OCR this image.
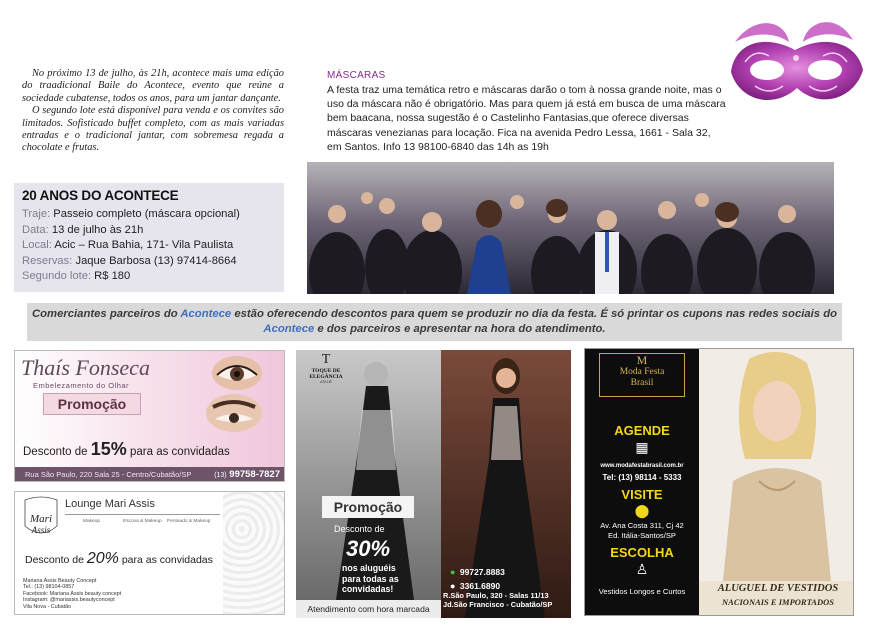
No próximo 13 de julho, às 21h, acontece mais uma edição do traadicional Baile do Acontece, evento que reúne a sociedade cubatense, todos os anos, para um jantar dançante.

O segundo lote está disponível para venda e os convites são limitados. Sofisticado buffet completo, com as mais variadas entradas e o tradicional jantar, com sobremesa regada a chocolate e frutas.

20 ANOS DO ACONTECE
Traje: Passeio completo (máscara opcional)
Data: 13 de julho às 21h
Local: Acic – Rua Bahia, 171- Vila Paulista
Reservas: Jaque Barbosa (13) 97414-8664
Segundo lote: R$ 180
MÁSCARAS
A festa traz uma temática retro e máscaras darão o tom à nossa grande noite, mas o uso da máscara não é obrigatório. Mas para quem já está em busca de uma máscara bem baacana, nossa sugestão é o Castelinho Fantasias,que oferece diversas máscaras venezianas para locação. Fica na avenida Pedro Lessa, 1661 - Sala 32, em Santos. Info 13 98100-6840 das 14h as 19h
Comerciantes parceiros do Acontece estão oferecendo descontos para quem se produzir no dia da festa. É só printar os cupons nas redes sociais do Acontece e dos parceiros e apresentar na hora do atendimento.
Thaís Fonseca
Embelezamento do Olhar
Promoção
Desconto de 15% para as convidadas
Rua São Paulo, 220 Sala 25 - Centro/Cubatão/SP	(13) 99758-7827
Mari
Assis
Lounge Mari Assis
Makeup	Escova & Makeup Penteado & Makeup
Desconto de 20% para as convidadas
Mariana Assis Beauty Concept
Tel.: (13) 98104-0857
Facebook: Mariana Assis beauty concept
Instagram: @mariassis.beautyconcept
Vila Nova - Cubatão
T
TOQUE DE
ELEGÂNCIA
ATELIÊ
Promoção
Desconto de
30%
nos aluguéis para todas as convidadas!
Atendimento com hora marcada
● 99727.8883
● 3361.6890
R.São Paulo, 320 - Salas 11/13
Jd.São Francisco - Cubatão/SP
M
Moda Festa
Brasil
AGENDE
▦
www.modafestabrasil.com.br
Tel: (13) 98114 - 5333
VISITE
⬤
Av. Ana Costa 311, Cj 42
Ed. Itália-Santos/SP
ESCOLHA
♙
Vestidos Longos e Curtos	ALUGUEL DE VESTIDOS
NACIONAIS E IMPORTADOS
